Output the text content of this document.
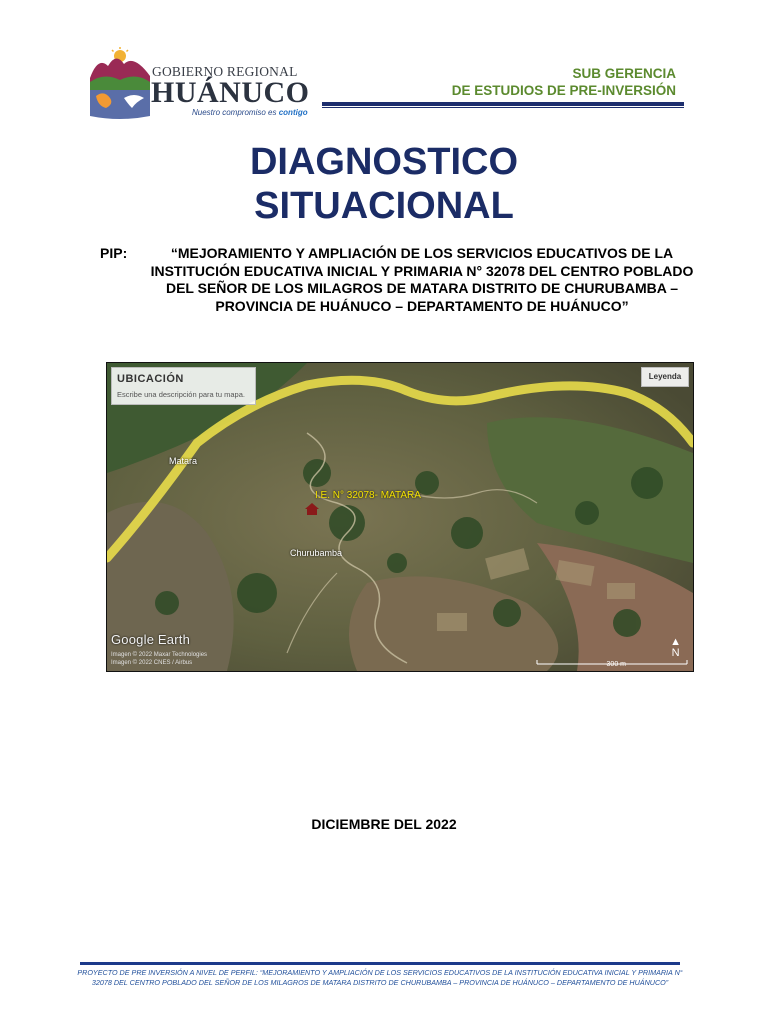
GOBIERNO REGIONAL
HUÁNUCO
Nuestro compromiso es contigo
SUB GERENCIA
DE ESTUDIOS DE PRE-INVERSIÓN
DIAGNOSTICO
SITUACIONAL
PIP:	“MEJORAMIENTO Y AMPLIACIÓN DE LOS SERVICIOS EDUCATIVOS DE LA INSTITUCIÓN EDUCATIVA INICIAL Y PRIMARIA N° 32078 DEL CENTRO POBLADO DEL SEÑOR DE LOS MILAGROS DE MATARA DISTRITO DE CHURUBAMBA – PROVINCIA DE HUÁNUCO – DEPARTAMENTO DE HUÁNUCO”
UBICACIÓN
Escribe una descripción para tu mapa.
Leyenda
I.E. N° 32078- MATARA
Churubamba
Matara
Google Earth
Imagen © 2022 Maxar Technologies
Imagen © 2022 CNES / Airbus	300 m
▲
N
DICIEMBRE DEL 2022
PROYECTO DE PRE INVERSIÓN A NIVEL DE PERFIL: “MEJORAMIENTO Y AMPLIACIÓN DE LOS SERVICIOS EDUCATIVOS DE LA INSTITUCIÓN EDUCATIVA INICIAL Y PRIMARIA N° 32078 DEL CENTRO POBLADO DEL SEÑOR DE LOS MILAGROS DE MATARA DISTRITO DE CHURUBAMBA – PROVINCIA DE HUÁNUCO – DEPARTAMENTO DE HUÁNUCO”
